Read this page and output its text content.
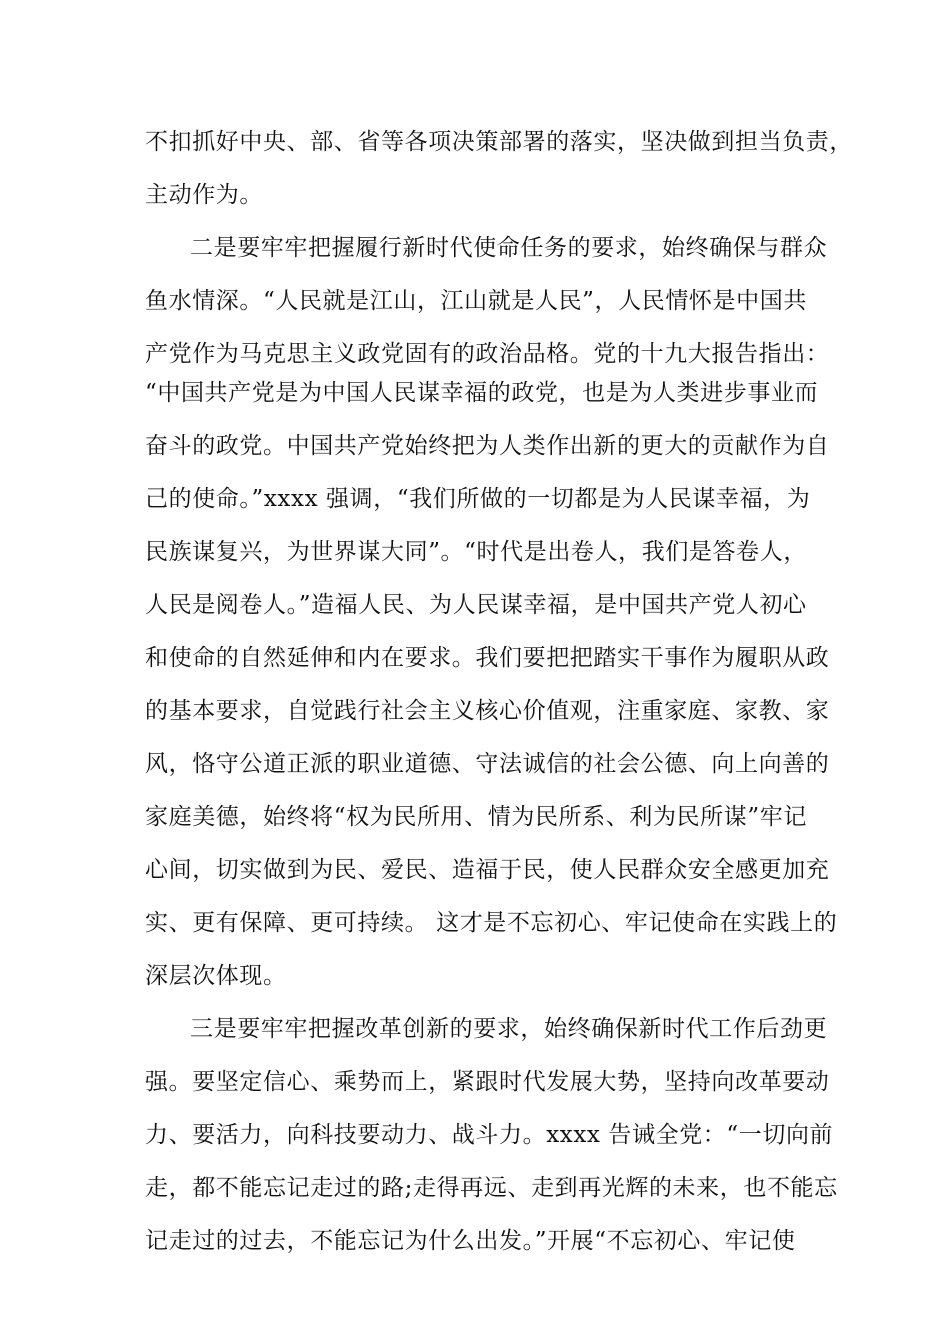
不扣抓好中央、部、省等各项决策部署的落实，坚决做到担当负责，
主动作为。
二是要牢牢把握履行新时代使命任务的要求，始终确保与群众
鱼水情深。“人民就是江山，江山就是人民”，人民情怀是中国共
产党作为马克思主义政党固有的政治品格。党的十九大报告指出：
“中国共产党是为中国人民谋幸福的政党，也是为人类进步事业而
奋斗的政党。中国共产党始终把为人类作出新的更大的贡献作为自
己的使命。”xxxx 强调，“我们所做的一切都是为人民谋幸福，为
民族谋复兴，为世界谋大同”。“时代是出卷人，我们是答卷人，
人民是阅卷人。”造福人民、为人民谋幸福，是中国共产党人初心
和使命的自然延伸和内在要求。我们要把把踏实干事作为履职从政
的基本要求，自觉践行社会主义核心价值观，注重家庭、家教、家
风，恪守公道正派的职业道德、守法诚信的社会公德、向上向善的
家庭美德，始终将“权为民所用、情为民所系、利为民所谋”牢记
心间，切实做到为民、爱民、造福于民，使人民群众安全感更加充
实、更有保障、更可持续。 这才是不忘初心、牢记使命在实践上的
深层次体现。
三是要牢牢把握改革创新的要求，始终确保新时代工作后劲更
强。要坚定信心、乘势而上，紧跟时代发展大势，坚持向改革要动
力、要活力，向科技要动力、战斗力。xxxx 告诫全党：“一切向前
走，都不能忘记走过的路;走得再远、走到再光辉的未来，也不能忘
记走过的过去，不能忘记为什么出发。”开展“不忘初心、牢记使
